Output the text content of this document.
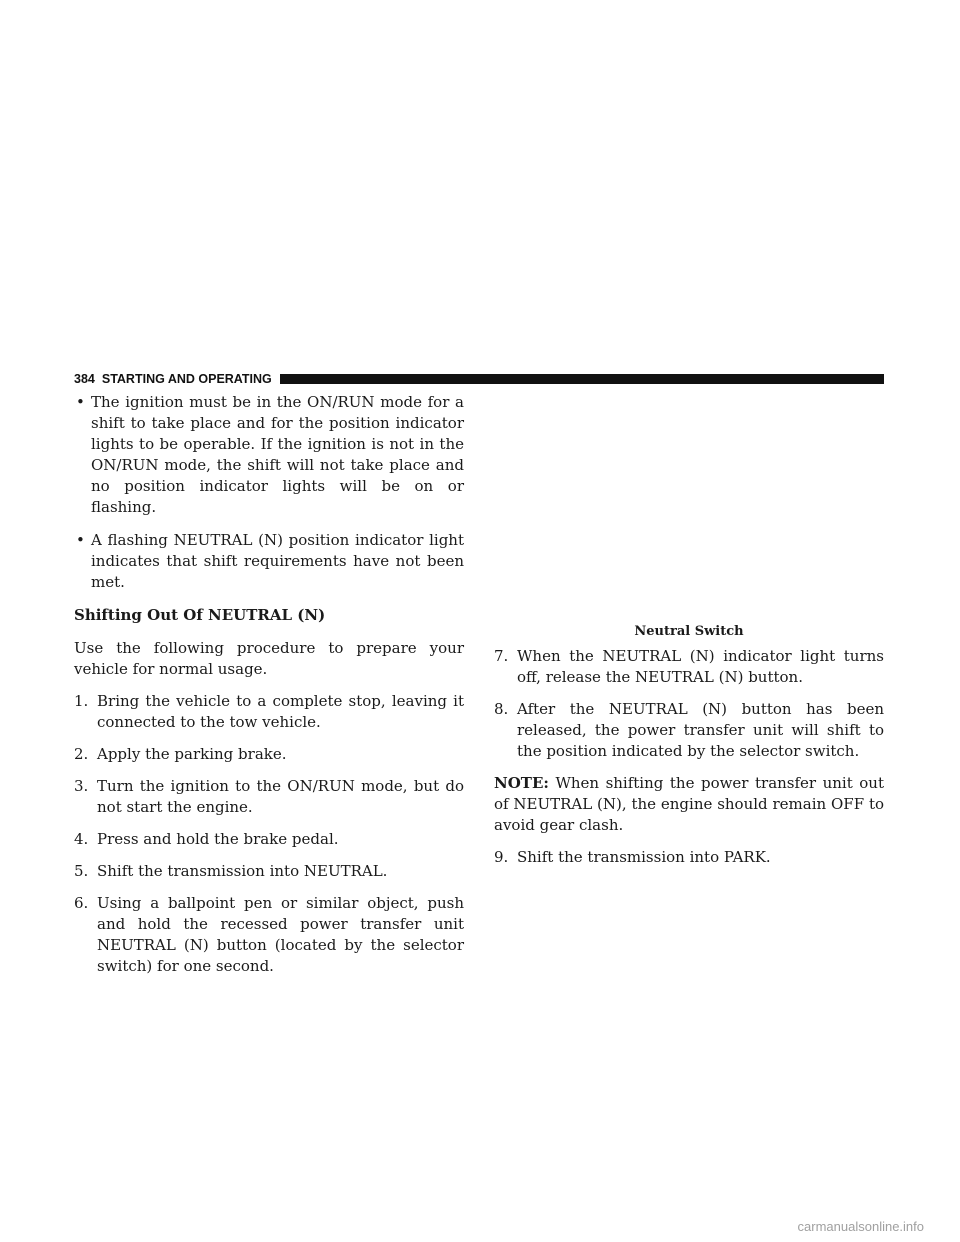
384 STARTING AND OPERATING
• The ignition must be in the ON/RUN mode for a shift to take place and for the position indicator lights to be operable. If the ignition is not in the ON/RUN mode, the shift will not take place and no position indicator lights will be on or flashing.

• A flashing NEUTRAL (N) position indicator light indicates that shift requirements have not been met.

Shifting Out Of NEUTRAL (N)

Use the following procedure to prepare your vehicle for normal usage.

1. Bring the vehicle to a complete stop, leaving it connected to the tow vehicle.

2. Apply the parking brake.

3. Turn the ignition to the ON/RUN mode, but do not start the engine.

4. Press and hold the brake pedal.

5. Shift the transmission into NEUTRAL.

6. Using a ballpoint pen or similar object, push and hold the recessed power transfer unit NEUTRAL (N) button (located by the selector switch) for one second.

Neutral Switch

7. When the NEUTRAL (N) indicator light turns off, release the NEUTRAL (N) button.

8. After the NEUTRAL (N) button has been released, the power transfer unit will shift to the position indicated by the selector switch.

NOTE: When shifting the power transfer unit out of NEUTRAL (N), the engine should remain OFF to avoid gear clash.

9. Shift the transmission into PARK.

carmanualsonline.info
